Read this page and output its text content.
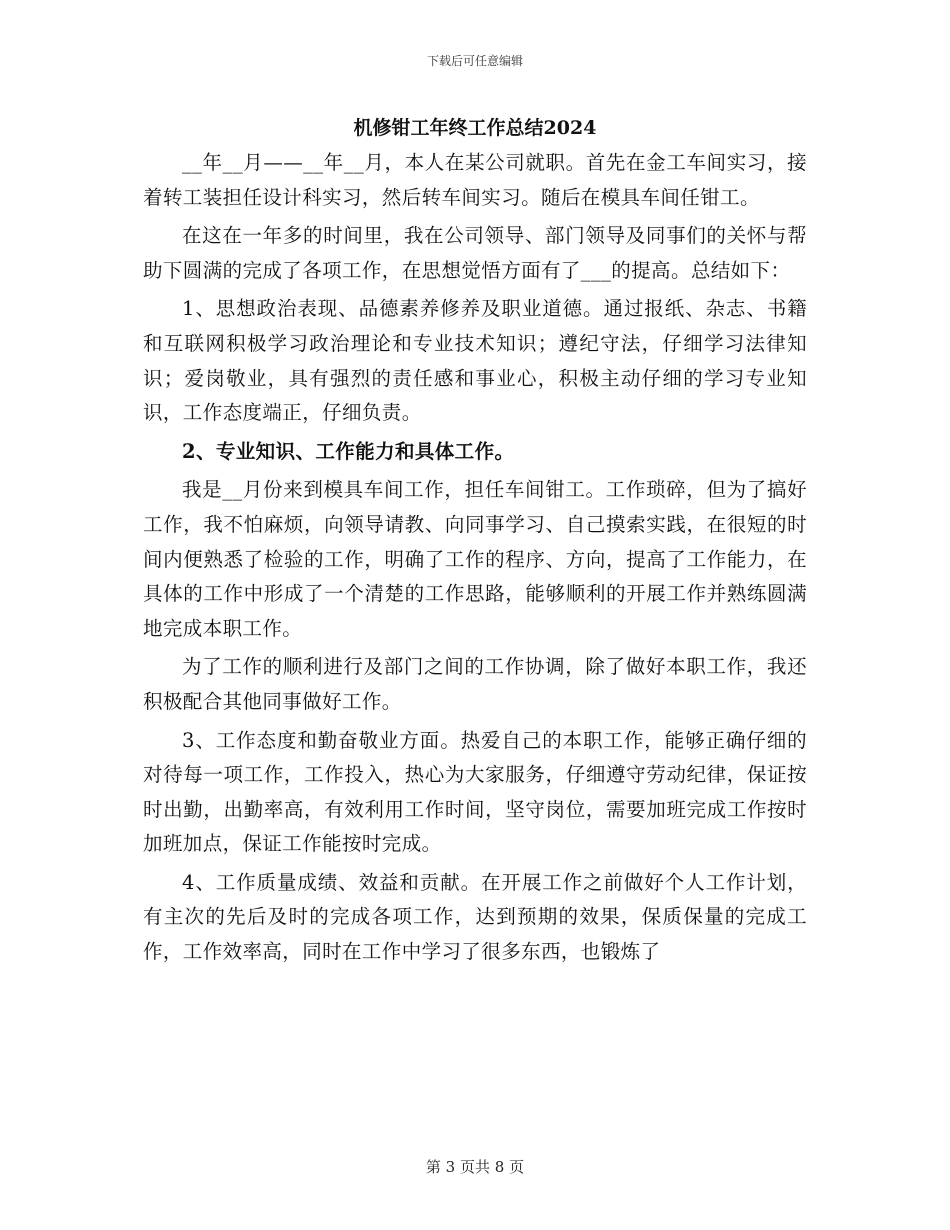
下载后可任意编辑
机修钳工年终工作总结2024

__年__月——__年__月，本人在某公司就职。首先在金工车间实习，接着转工装担任设计科实习，然后转车间实习。随后在模具车间任钳工。

在这在一年多的时间里，我在公司领导、部门领导及同事们的关怀与帮助下圆满的完成了各项工作，在思想觉悟方面有了___的提高。总结如下：

1、思想政治表现、品德素养修养及职业道德。通过报纸、杂志、书籍和互联网积极学习政治理论和专业技术知识；遵纪守法，仔细学习法律知识；爱岗敬业，具有强烈的责任感和事业心，积极主动仔细的学习专业知识，工作态度端正，仔细负责。

2、专业知识、工作能力和具体工作。

我是__月份来到模具车间工作，担任车间钳工。工作琐碎，但为了搞好工作，我不怕麻烦，向领导请教、向同事学习、自己摸索实践，在很短的时间内便熟悉了检验的工作，明确了工作的程序、方向，提高了工作能力，在具体的工作中形成了一个清楚的工作思路，能够顺利的开展工作并熟练圆满地完成本职工作。

为了工作的顺利进行及部门之间的工作协调，除了做好本职工作，我还积极配合其他同事做好工作。

3、工作态度和勤奋敬业方面。热爱自己的本职工作，能够正确仔细的对待每一项工作，工作投入，热心为大家服务，仔细遵守劳动纪律，保证按时出勤，出勤率高，有效利用工作时间，坚守岗位，需要加班完成工作按时加班加点，保证工作能按时完成。

4、工作质量成绩、效益和贡献。在开展工作之前做好个人工作计划，有主次的先后及时的完成各项工作，达到预期的效果，保质保量的完成工作，工作效率高，同时在工作中学习了很多东西，也锻炼了

第 3 页共 8 页
